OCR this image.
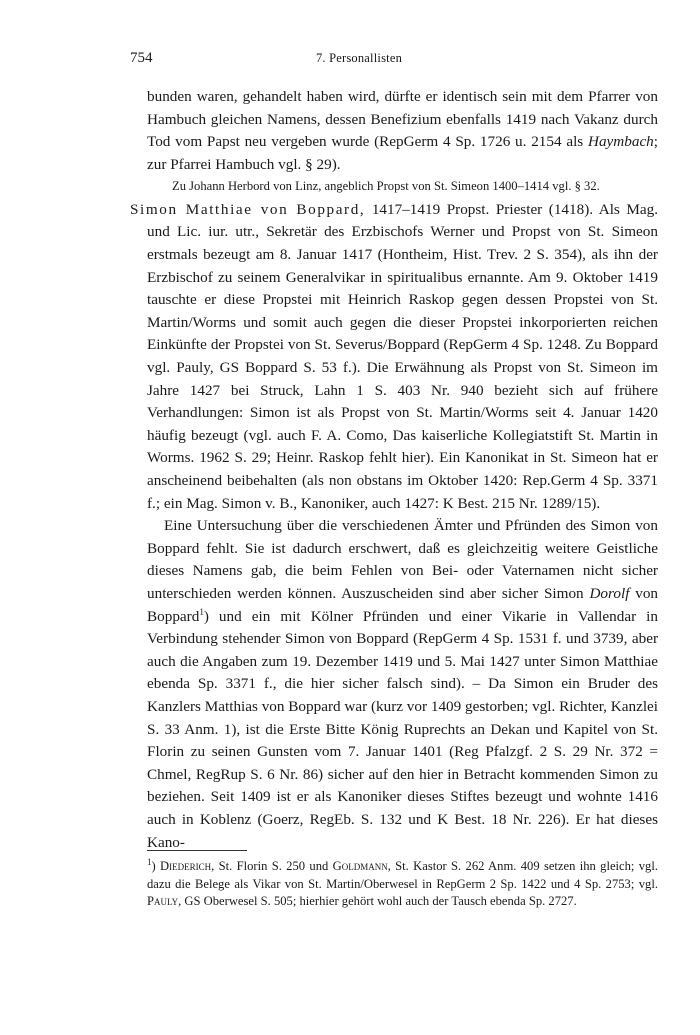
754	7. Personallisten

bunden waren, gehandelt haben wird, dürfte er identisch sein mit dem Pfarrer von Hambuch gleichen Namens, dessen Benefizium ebenfalls 1419 nach Vakanz durch Tod vom Papst neu vergeben wurde (RepGerm 4 Sp. 1726 u. 2154 als Haymbach; zur Pfarrei Hambuch vgl. § 29).

Zu Johann Herbord von Linz, angeblich Propst von St. Simeon 1400–1414 vgl. § 32.

Simon Matthiae von Boppard, 1417–1419 Propst. Priester (1418). Als Mag. und Lic. iur. utr., Sekretär des Erzbischofs Werner und Propst von St. Simeon erstmals bezeugt am 8. Januar 1417 (Hontheim, Hist. Trev. 2 S. 354), als ihn der Erzbischof zu seinem Generalvikar in spiritualibus ernannte. Am 9. Oktober 1419 tauschte er diese Propstei mit Heinrich Raskop gegen dessen Propstei von St. Martin/Worms und somit auch gegen die dieser Propstei inkorporierten reichen Einkünfte der Propstei von St. Severus/Boppard (RepGerm 4 Sp. 1248. Zu Boppard vgl. Pauly, GS Boppard S. 53 f.). Die Erwähnung als Propst von St. Simeon im Jahre 1427 bei Struck, Lahn 1 S. 403 Nr. 940 bezieht sich auf frühere Verhandlungen: Simon ist als Propst von St. Martin/Worms seit 4. Januar 1420 häufig bezeugt (vgl. auch F. A. Como, Das kaiserliche Kollegiatstift St. Martin in Worms. 1962 S. 29; Heinr. Raskop fehlt hier). Ein Kanonikat in St. Simeon hat er anscheinend beibehalten (als non obstans im Oktober 1420: Rep.Germ 4 Sp. 3371 f.; ein Mag. Simon v. B., Kanoniker, auch 1427: K Best. 215 Nr. 1289/15).

Eine Untersuchung über die verschiedenen Ämter und Pfründen des Simon von Boppard fehlt. Sie ist dadurch erschwert, daß es gleichzeitig weitere Geistliche dieses Namens gab, die beim Fehlen von Bei- oder Vaternamen nicht sicher unterschieden werden können. Auszuscheiden sind aber sicher Simon Dorolf von Boppard$^1$) und ein mit Kölner Pfründen und einer Vikarie in Vallendar in Verbindung stehender Simon von Boppard (RepGerm 4 Sp. 1531 f. und 3739, aber auch die Angaben zum 19. Dezember 1419 und 5. Mai 1427 unter Simon Matthiae ebenda Sp. 3371 f., die hier sicher falsch sind). – Da Simon ein Bruder des Kanzlers Matthias von Boppard war (kurz vor 1409 gestorben; vgl. Richter, Kanzlei S. 33 Anm. 1), ist die Erste Bitte König Ruprechts an Dekan und Kapitel von St. Florin zu seinen Gunsten vom 7. Januar 1401 (Reg Pfalzgf. 2 S. 29 Nr. 372 = Chmel, RegRup S. 6 Nr. 86) sicher auf den hier in Betracht kommenden Simon zu beziehen. Seit 1409 ist er als Kanoniker dieses Stiftes bezeugt und wohnte 1416 auch in Koblenz (Goerz, RegEb. S. 132 und K Best. 18 Nr. 226). Er hat dieses Kano-

$^1$) Diederich, St. Florin S. 250 und Goldmann, St. Kastor S. 262 Anm. 409 setzen ihn gleich; vgl. dazu die Belege als Vikar von St. Martin/Oberwesel in RepGerm 2 Sp. 1422 und 4 Sp. 2753; vgl. Pauly, GS Oberwesel S. 505; hierhier gehört wohl auch der Tausch ebenda Sp. 2727.
